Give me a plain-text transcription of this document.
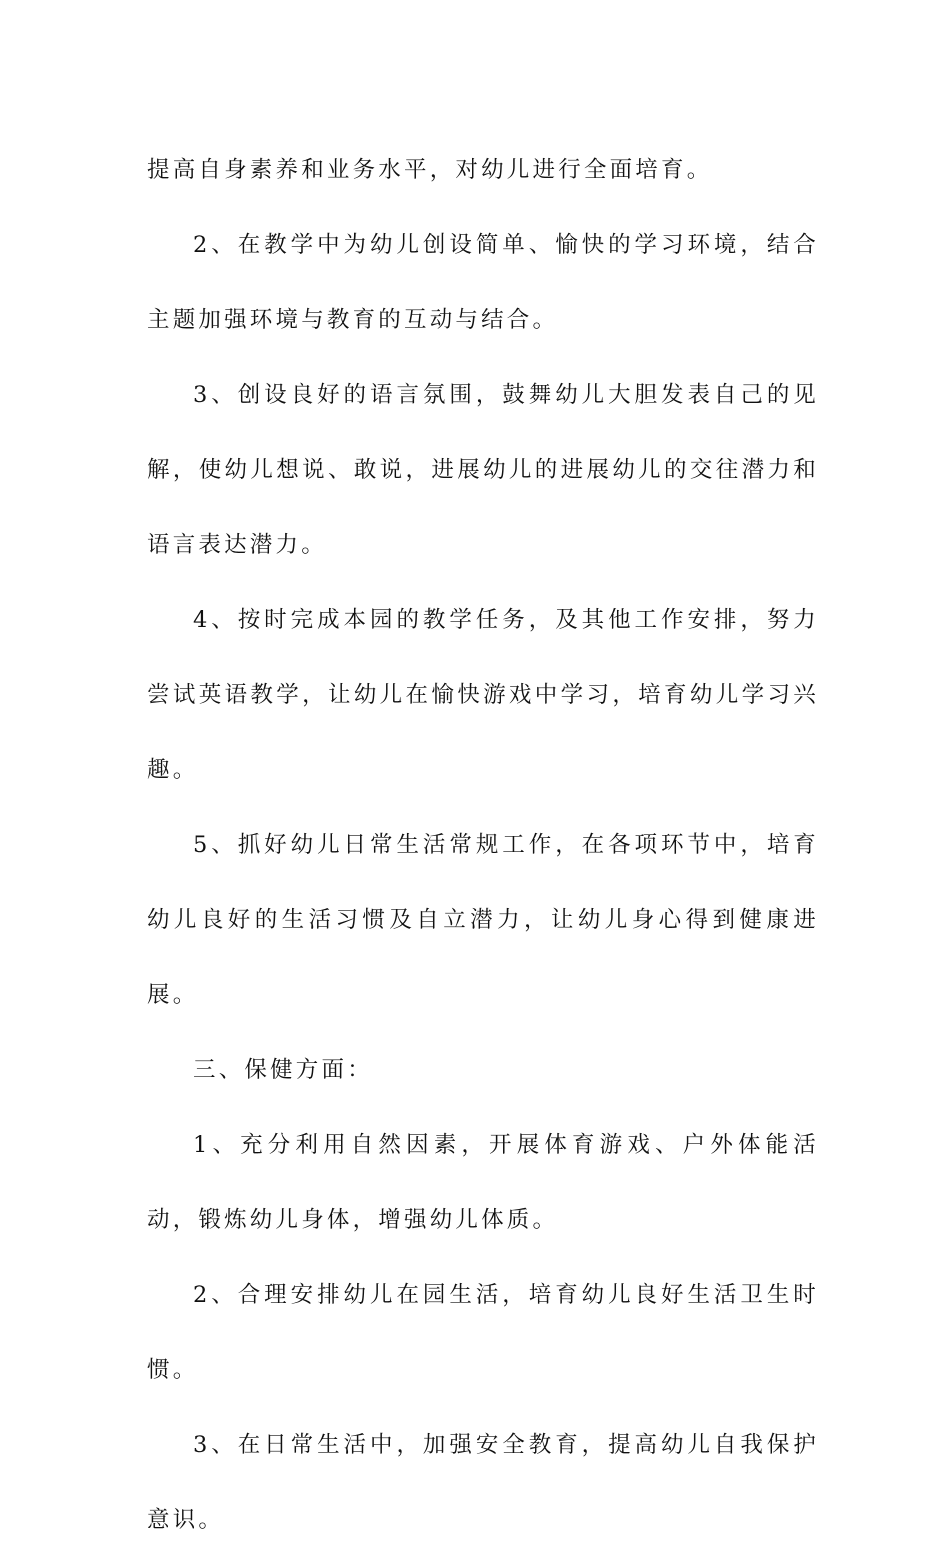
提高自身素养和业务水平，对幼儿进行全面培育。

2、在教学中为幼儿创设简单、愉快的学习环境，结合主题加强环境与教育的互动与结合。

3、创设良好的语言氛围，鼓舞幼儿大胆发表自己的见解，使幼儿想说、敢说，进展幼儿的进展幼儿的交往潜力和语言表达潜力。

4、按时完成本园的教学任务，及其他工作安排，努力尝试英语教学，让幼儿在愉快游戏中学习，培育幼儿学习兴趣。

5、抓好幼儿日常生活常规工作，在各项环节中，培育幼儿良好的生活习惯及自立潜力，让幼儿身心得到健康进展。

三、保健方面：

1、充分利用自然因素，开展体育游戏、户外体能活动，锻炼幼儿身体，增强幼儿体质。

2、合理安排幼儿在园生活，培育幼儿良好生活卫生时惯。

3、在日常生活中，加强安全教育，提高幼儿自我保护意识。
